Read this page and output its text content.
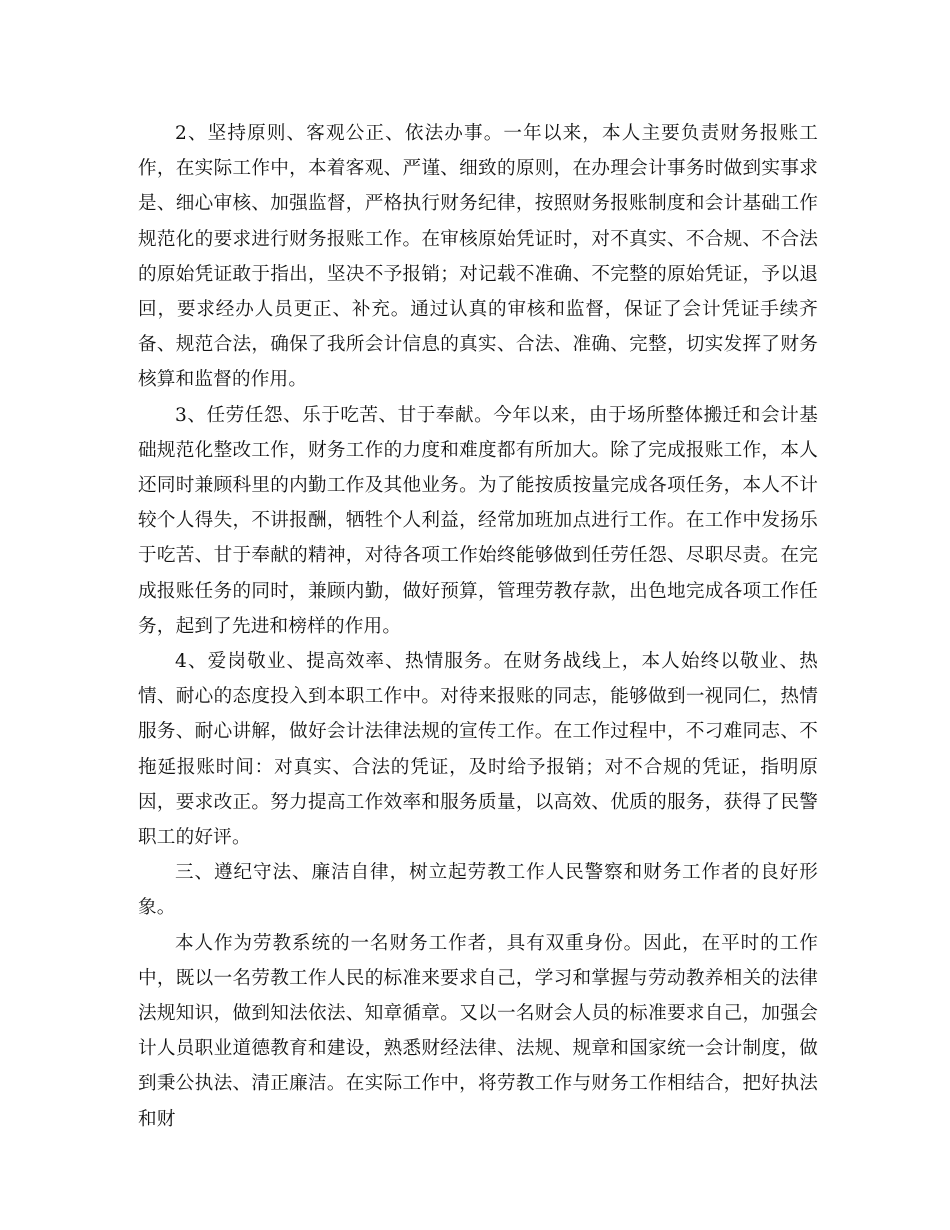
2、坚持原则、客观公正、依法办事。一年以来，本人主要负责财务报账工作，在实际工作中，本着客观、严谨、细致的原则，在办理会计事务时做到实事求是、细心审核、加强监督，严格执行财务纪律，按照财务报账制度和会计基础工作规范化的要求进行财务报账工作。在审核原始凭证时，对不真实、不合规、不合法的原始凭证敢于指出，坚决不予报销；对记载不准确、不完整的原始凭证，予以退回，要求经办人员更正、补充。通过认真的审核和监督，保证了会计凭证手续齐备、规范合法，确保了我所会计信息的真实、合法、准确、完整，切实发挥了财务核算和监督的作用。

3、任劳任怨、乐于吃苦、甘于奉献。今年以来，由于场所整体搬迁和会计基础规范化整改工作，财务工作的力度和难度都有所加大。除了完成报账工作，本人还同时兼顾科里的内勤工作及其他业务。为了能按质按量完成各项任务，本人不计较个人得失，不讲报酬，牺牲个人利益，经常加班加点进行工作。在工作中发扬乐于吃苦、甘于奉献的精神，对待各项工作始终能够做到任劳任怨、尽职尽责。在完成报账任务的同时，兼顾内勤，做好预算，管理劳教存款，出色地完成各项工作任务，起到了先进和榜样的作用。

4、爱岗敬业、提高效率、热情服务。在财务战线上，本人始终以敬业、热情、耐心的态度投入到本职工作中。对待来报账的同志，能够做到一视同仁，热情服务、耐心讲解，做好会计法律法规的宣传工作。在工作过程中，不刁难同志、不拖延报账时间：对真实、合法的凭证，及时给予报销；对不合规的凭证，指明原因，要求改正。努力提高工作效率和服务质量，以高效、优质的服务，获得了民警职工的好评。

三、遵纪守法、廉洁自律，树立起劳教工作人民警察和财务工作者的良好形象。

本人作为劳教系统的一名财务工作者，具有双重身份。因此，在平时的工作中，既以一名劳教工作人民的标准来要求自己，学习和掌握与劳动教养相关的法律法规知识，做到知法依法、知章循章。又以一名财会人员的标准要求自己，加强会计人员职业道德教育和建设，熟悉财经法律、法规、规章和国家统一会计制度，做到秉公执法、清正廉洁。在实际工作中，将劳教工作与财务工作相结合，把好执法和财
